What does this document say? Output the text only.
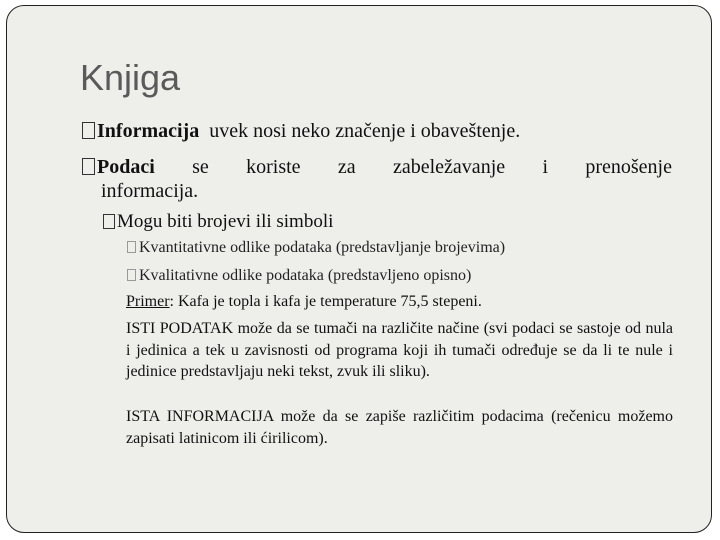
Knjiga
Informacija  uvek nosi neko značenje i obaveštenje.
Podaci se koriste za zabeležavanje i prenošenje
informacija.
Mogu biti brojevi ili simboli
Kvantitativne odlike podataka (predstavljanje brojevima)
Kvalitativne odlike podataka (predstavljeno opisno)
Primer: Kafa je topla i kafa je temperature 75,5 stepeni.
ISTI PODATAK može da se tumači na različite načine (svi podaci se sastoje od nula i jedinica a tek u zavisnosti od programa koji ih tumači određuje se da li te nule i jedinice predstavljaju neki tekst, zvuk ili sliku).
ISTA INFORMACIJA može da se zapiše različitim podacima (rečenicu možemo zapisati latinicom ili ćirilicom).
